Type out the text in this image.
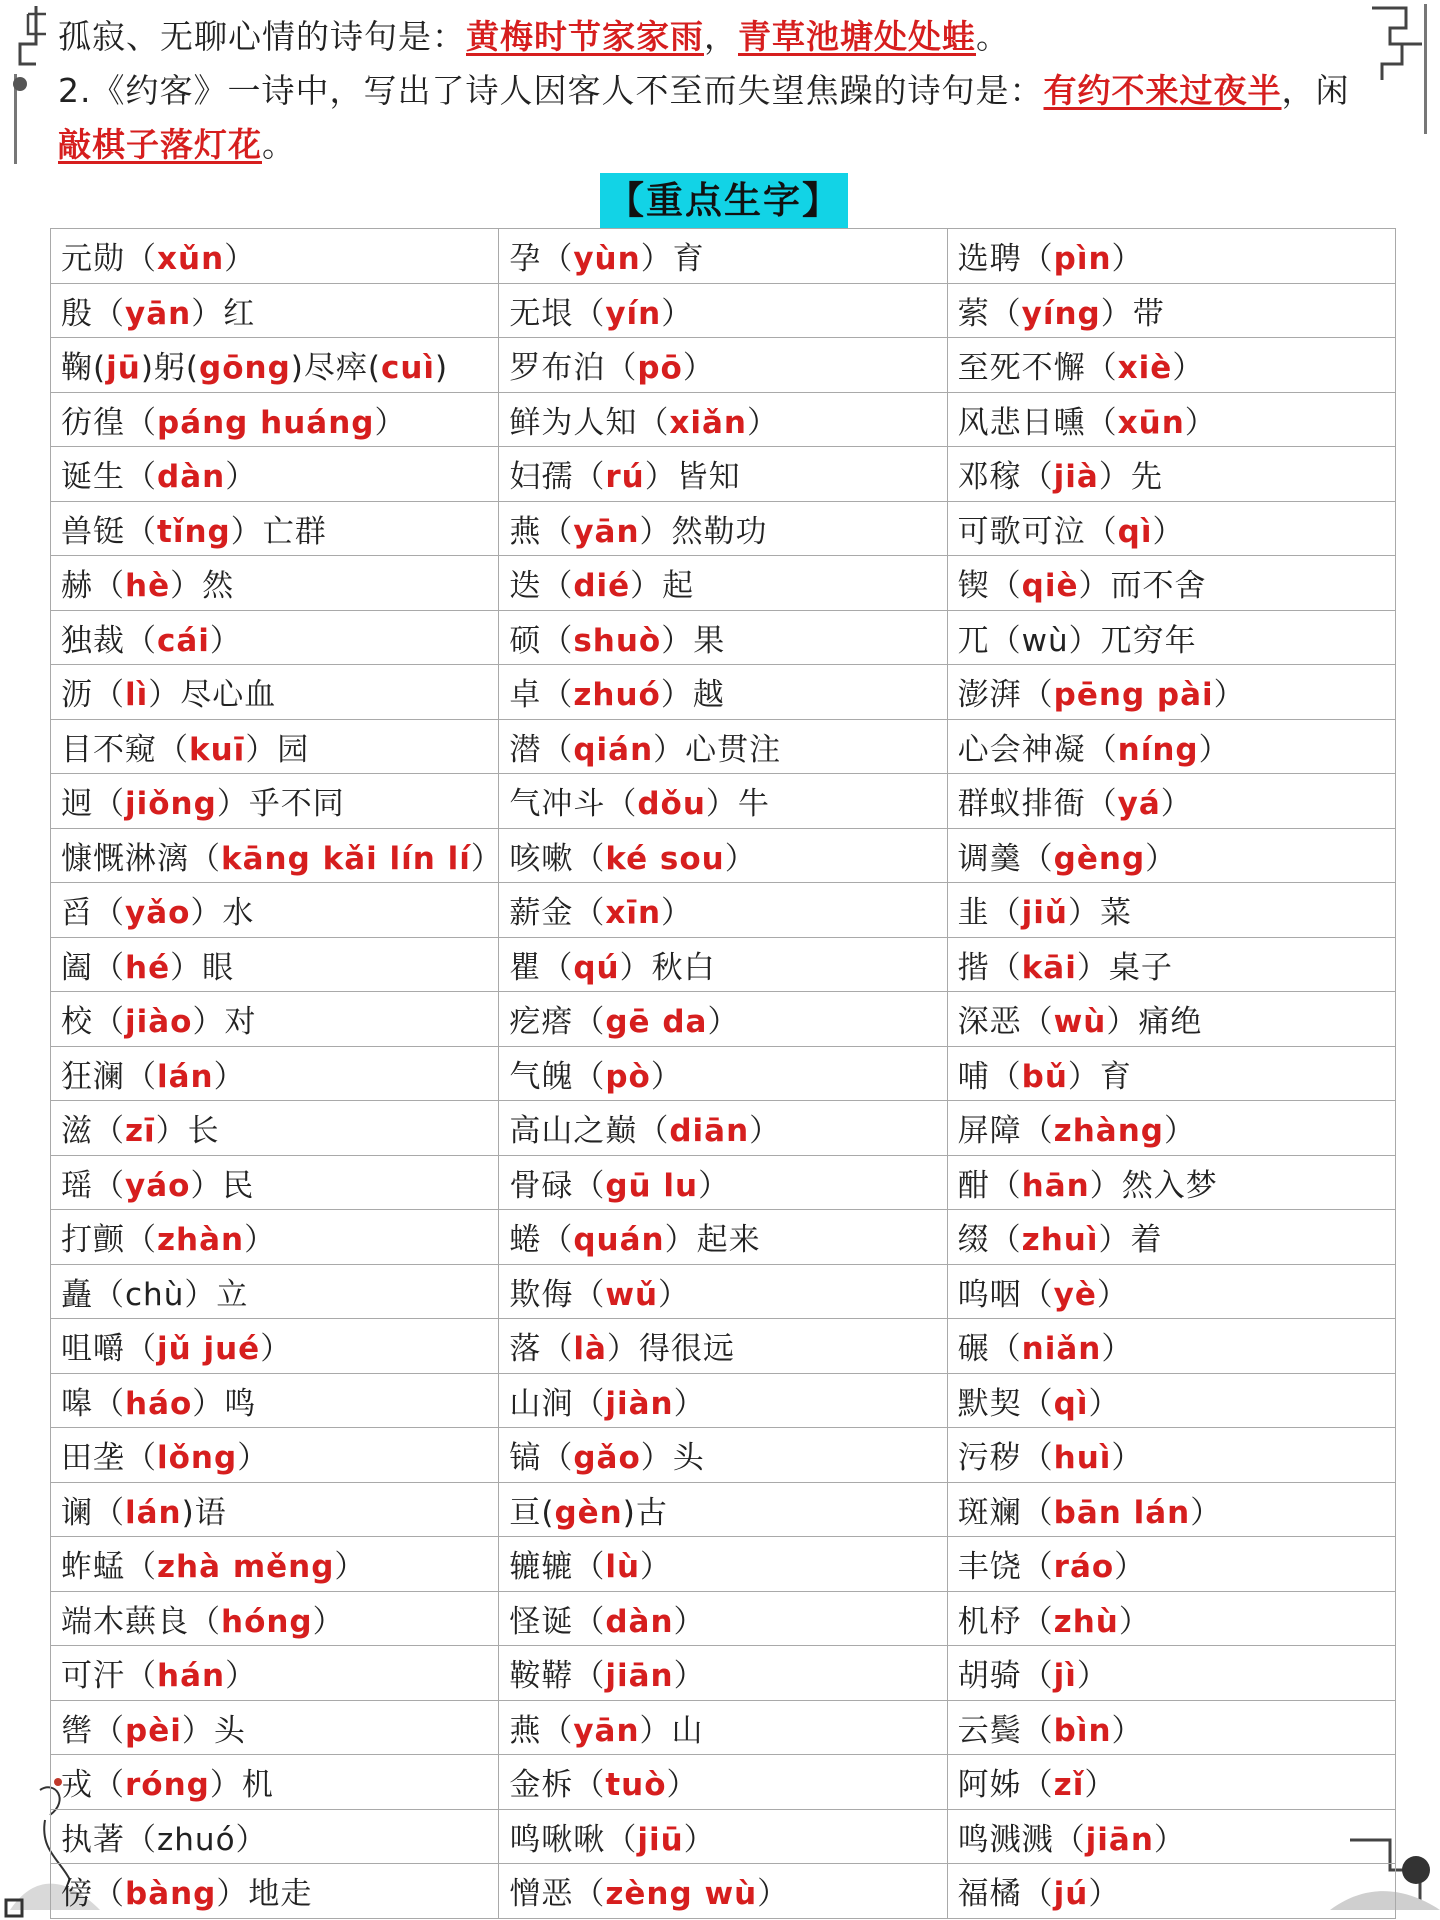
孤寂、无聊心情的诗句是：黄梅时节家家雨，青草池塘处处蛙。

2.《约客》一诗中，写出了诗人因客人不至而失望焦躁的诗句是：有约不来过夜半，闲

敲棋子落灯花。

【重点生字】
元勋（xǔn）	孕（yùn）育	选聘（pìn）
殷（yān）红	无垠（yín）	萦（yíng）带
鞠(jū)躬(gōng)尽瘁(cuì)	罗布泊（pō）	至死不懈（xiè）
彷徨（páng huáng）	鲜为人知（xiǎn）	风悲日曛（xūn）
诞生（dàn）	妇孺（rú）皆知	邓稼（jià）先
兽铤（tǐng）亡群	燕（yān）然勒功	可歌可泣（qì）
赫（hè）然	迭（dié）起	锲（qiè）而不舍
独裁（cái）	硕（shuò）果	兀（wù）兀穷年
沥（lì）尽心血	卓（zhuó）越	澎湃（pēng pài）
目不窥（kuī）园	潜（qián）心贯注	心会神凝（níng）
迥（jiǒng）乎不同	气冲斗（dǒu）牛	群蚁排衙（yá）
慷慨淋漓（kāng kǎi lín lí）	咳嗽（ké sou）	调羹（gèng）
舀（yǎo）水	薪金（xīn）	韭（jiǔ）菜
阖（hé）眼	瞿（qú）秋白	揩（kāi）桌子
校（jiào）对	疙瘩（gē da）	深恶（wù）痛绝
狂澜（lán）	气魄（pò）	哺（bǔ）育
滋（zī）长	高山之巅（diān）	屏障（zhàng）
瑶（yáo）民	骨碌（gū lu）	酣（hān）然入梦
打颤（zhàn）	蜷（quán）起来	缀（zhuì）着
矗（chù）立	欺侮（wǔ）	呜咽（yè）
咀嚼（jǔ jué）	落（là）得很远	碾（niǎn）
嗥（háo）鸣	山涧（jiàn）	默契（qì）
田垄（lǒng）	镐（gǎo）头	污秽（huì）
谰（lán)语	亘(gèn)古	斑斓（bān lán）
蚱蜢（zhà měng）	辘辘（lù）	丰饶（ráo）
端木蕻良（hóng）	怪诞（dàn）	机杼（zhù）
可汗（hán）	鞍鞯（jiān）	胡骑（jì）
辔（pèi）头	燕（yān）山	云鬓（bìn）
戎（róng）机	金柝（tuò）	阿姊（zǐ）
执著（zhuó）	鸣啾啾（jiū）	鸣溅溅（jiān）
傍（bàng）地走	憎恶（zèng wù）	福橘（jú）
